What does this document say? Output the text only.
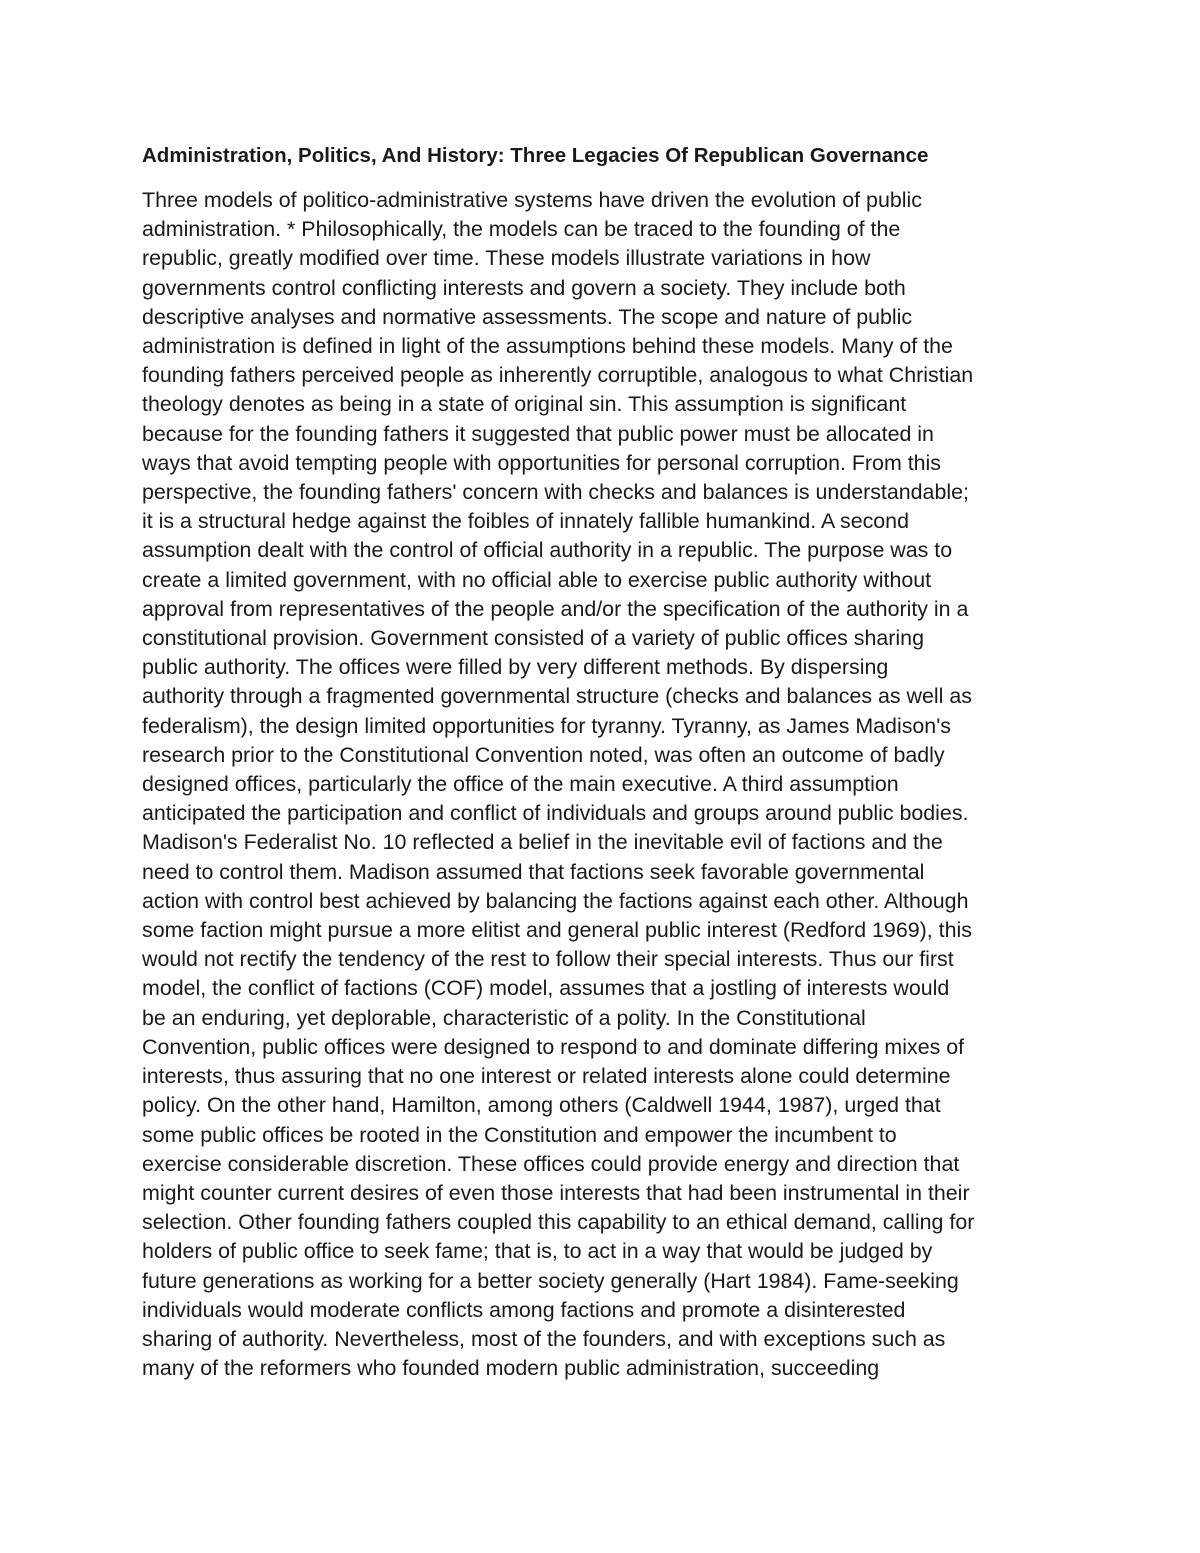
Administration, Politics, And History: Three Legacies Of Republican Governance
Three models of politico-administrative systems have driven the evolution of public
administration. * Philosophically, the models can be traced to the founding of the
republic, greatly modified over time. These models illustrate variations in how
governments control conflicting interests and govern a society. They include both
descriptive analyses and normative assessments. The scope and nature of public
administration is defined in light of the assumptions behind these models. Many of the
founding fathers perceived people as inherently corruptible, analogous to what Christian
theology denotes as being in a state of original sin. This assumption is significant
because for the founding fathers it suggested that public power must be allocated in
ways that avoid tempting people with opportunities for personal corruption. From this
perspective, the founding fathers' concern with checks and balances is understandable;
it is a structural hedge against the foibles of innately fallible humankind. A second
assumption dealt with the control of official authority in a republic. The purpose was to
create a limited government, with no official able to exercise public authority without
approval from representatives of the people and/or the specification of the authority in a
constitutional provision. Government consisted of a variety of public offices sharing
public authority. The offices were filled by very different methods. By dispersing
authority through a fragmented governmental structure (checks and balances as well as
federalism), the design limited opportunities for tyranny. Tyranny, as James Madison's
research prior to the Constitutional Convention noted, was often an outcome of badly
designed offices, particularly the office of the main executive. A third assumption
anticipated the participation and conflict of individuals and groups around public bodies.
Madison's Federalist No. 10 reflected a belief in the inevitable evil of factions and the
need to control them. Madison assumed that factions seek favorable governmental
action with control best achieved by balancing the factions against each other. Although
some faction might pursue a more elitist and general public interest (Redford 1969), this
would not rectify the tendency of the rest to follow their special interests. Thus our first
model, the conflict of factions (COF) model, assumes that a jostling of interests would
be an enduring, yet deplorable, characteristic of a polity. In the Constitutional
Convention, public offices were designed to respond to and dominate differing mixes of
interests, thus assuring that no one interest or related interests alone could determine
policy. On the other hand, Hamilton, among others (Caldwell 1944, 1987), urged that
some public offices be rooted in the Constitution and empower the incumbent to
exercise considerable discretion. These offices could provide energy and direction that
might counter current desires of even those interests that had been instrumental in their
selection. Other founding fathers coupled this capability to an ethical demand, calling for
holders of public office to seek fame; that is, to act in a way that would be judged by
future generations as working for a better society generally (Hart 1984). Fame-seeking
individuals would moderate conflicts among factions and promote a disinterested
sharing of authority. Nevertheless, most of the founders, and with exceptions such as
many of the reformers who founded modern public administration, succeeding
